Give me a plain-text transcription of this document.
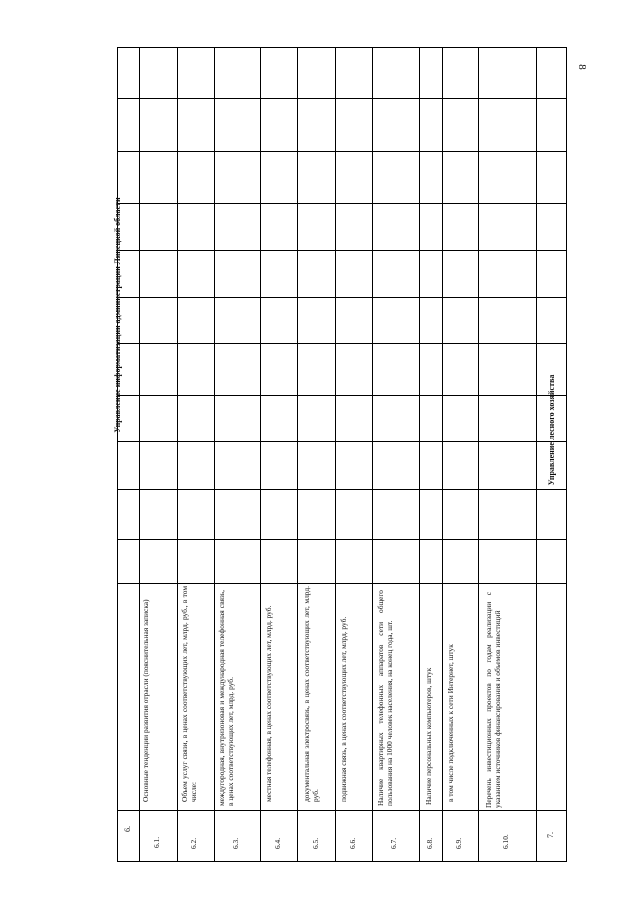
8
6.
Управление информатизации администрации Липецкой области
6.1.
Основные тенденции развития отрасли (пояснительная записка)
6.2.
Объем услуг связи, в ценах соответствующих лет, млрд. руб., в том числе:
6.3.
междугородная, внутризоновая и международная телефонная связь, в ценах соответствующих лет, млрд. руб.
6.4.
местная телефонная, в ценах соответствующих лет, млрд. руб.
6.5.
документальная электросвязь, в ценах соответствующих лет, млрд. руб.
6.6.
подвижная связь, в ценах соответствующих лет, млрд. руб.
6.7.
Наличие квартирных телефонных аппаратов сети общего пользования на 1000 человек населения, на конец года, шт.
6.8.
Наличие персональных компьютеров, штук
6.9.
в том числе подключенных к сети Интернет, штук
6.10.
Перечень инвестиционных проектов по годам реализации с указанием источников финансирования и объемов инвестиций
7.
Управление лесного хозяйства
